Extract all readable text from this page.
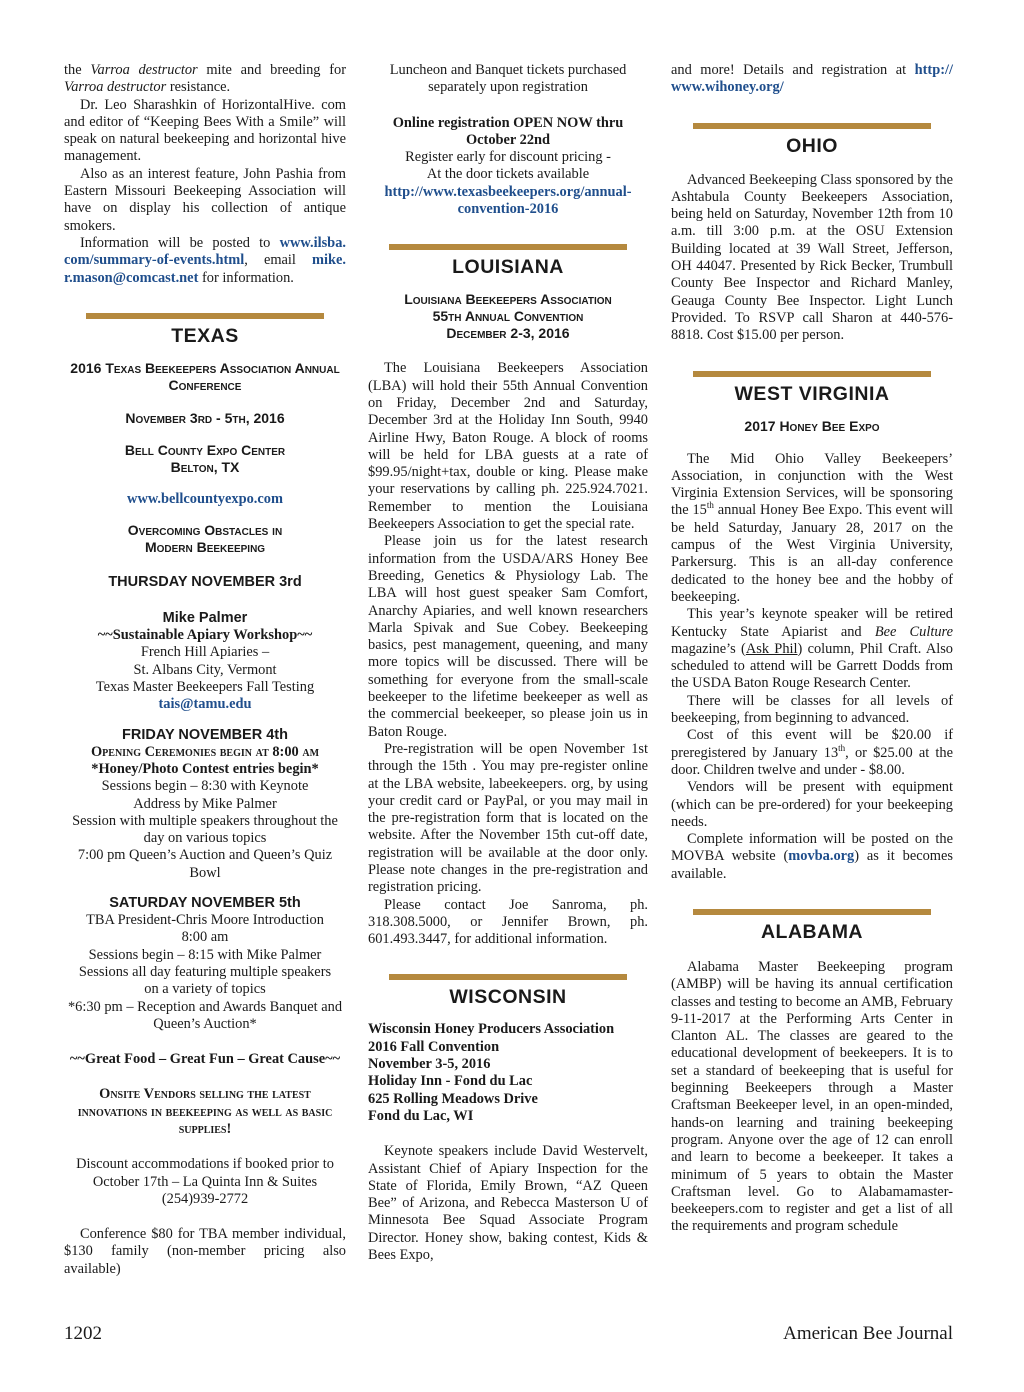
the Varroa destructor mite and breeding for Varroa destructor resistance.

Dr. Leo Sharashkin of HorizontalHive. com and editor of “Keeping Bees With a Smile” will speak on natural beekeeping and horizontal hive management.

Also as an interest feature, John Pashia from Eastern Missouri Beekeeping Association will have on display his collection of antique smokers.

Information will be posted to www.ilsba. com/summary-of-events.html, email mike. r.mason@comcast.net for information.

TEXAS
2016 Texas Beekeepers Association Annual Conference
November 3rd - 5th, 2016
Bell County Expo Center
Belton, TX

www.bellcountyexpo.com

Overcoming Obstacles in Modern Beekeeping
THURSDAY NOVEMBER 3rd
Mike Palmer

~~Sustainable Apiary Workshop~~

French Hill Apiaries –

St. Albans City, Vermont

Texas Master Beekeepers Fall Testing

tais@tamu.edu

FRIDAY NOVEMBER 4th

Opening Ceremonies begin at 8:00 am

*Honey/Photo Contest entries begin*

Sessions begin – 8:30 with Keynote

Address by Mike Palmer

Session with multiple speakers throughout the day on various topics

7:00 pm Queen’s Auction and Queen’s Quiz Bowl

SATURDAY NOVEMBER 5th

TBA President-Chris Moore Introduction

8:00 am

Sessions begin – 8:15 with Mike Palmer

Sessions all day featuring multiple speakers on a variety of topics

*6:30 pm – Reception and Awards Banquet and Queen’s Auction*

~~Great Food – Great Fun – Great Cause~~

Onsite Vendors selling the latest innovations in beekeeping as well as basic supplies!

Discount accommodations if booked prior to October 17th – La Quinta Inn & Suites (254)939-2772

Conference $80 for TBA member individual, $130 family (non-member pricing also available)

Luncheon and Banquet tickets purchased separately upon registration

Online registration OPEN NOW thru October 22nd

Register early for discount pricing -

At the door tickets available

http://www.texasbeekeepers.org/annual-convention-2016

LOUISIANA
Louisiana Beekeepers Association
55th Annual Convention
December 2-3, 2016

The Louisiana Beekeepers Association (LBA) will hold their 55th Annual Convention on Friday, December 2nd and Saturday, December 3rd at the Holiday Inn South, 9940 Airline Hwy, Baton Rouge. A block of rooms will be held for LBA guests at a rate of $99.95/night+tax, double or king. Please make your reservations by calling ph. 225.924.7021. Remember to mention the Louisiana Beekeepers Association to get the special rate.

Please join us for the latest research information from the USDA/ARS Honey Bee Breeding, Genetics & Physiology Lab. The LBA will host guest speaker Sam Comfort, Anarchy Apiaries, and well known researchers Marla Spivak and Sue Cobey. Beekeeping basics, pest management, queening, and many more topics will be discussed. There will be something for everyone from the small-scale beekeeper to the lifetime beekeeper as well as the commercial beekeeper, so please join us in Baton Rouge.

Pre-registration will be open November 1st through the 15th . You may pre-register online at the LBA website, labeekeepers. org, by using your credit card or PayPal, or you may mail in the pre-registration form that is located on the website. After the November 15th cut-off date, registration will be available at the door only. Please note changes in the pre-registration and registration pricing.

Please contact Joe Sanroma, ph. 318.308.5000, or Jennifer Brown, ph. 601.493.3447, for additional information.

WISCONSIN

Wisconsin Honey Producers Association

2016 Fall Convention

November 3-5, 2016

Holiday Inn - Fond du Lac

625 Rolling Meadows Drive

Fond du Lac, WI

Keynote speakers include David Westervelt, Assistant Chief of Apiary Inspection for the State of Florida, Emily Brown, “AZ Queen Bee” of Arizona, and Rebecca Masterson U of Minnesota Bee Squad Associate Program Director. Honey show, baking contest, Kids & Bees Expo,

and more! Details and registration at http:// www.wihoney.org/

OHIO

Advanced Beekeeping Class sponsored by the Ashtabula County Beekeepers Association, being held on Saturday, November 12th from 10 a.m. till 3:00 p.m. at the OSU Extension Building located at 39 Wall Street, Jefferson, OH 44047. Presented by Rick Becker, Trumbull County Bee Inspector and Richard Manley, Geauga County Bee Inspector. Light Lunch Provided. To RSVP call Sharon at 440-576-8818. Cost $15.00 per person.

WEST VIRGINIA
2017 Honey Bee Expo

The Mid Ohio Valley Beekeepers’ Association, in conjunction with the West Virginia Extension Services, will be sponsoring the 15th annual Honey Bee Expo. This event will be held Saturday, January 28, 2017 on the campus of the West Virginia University, Parkersurg. This is an all-day conference dedicated to the honey bee and the hobby of beekeeping.

This year’s keynote speaker will be retired Kentucky State Apiarist and Bee Culture magazine’s (Ask Phil) column, Phil Craft. Also scheduled to attend will be Garrett Dodds from the USDA Baton Rouge Research Center.

There will be classes for all levels of beekeeping, from beginning to advanced.

Cost of this event will be $20.00 if preregistered by January 13th, or $25.00 at the door. Children twelve and under - $8.00.

Vendors will be present with equipment (which can be pre-ordered) for your beekeeping needs.

Complete information will be posted on the MOVBA website (movba.org) as it becomes available.

ALABAMA

Alabama Master Beekeeping program (AMBP) will be having its annual certification classes and testing to become an AMB, February 9-11-2017 at the Performing Arts Center in Clanton AL. The classes are geared to the educational development of beekeepers. It is to set a standard of beekeeping that is useful for beginning Beekeepers through a Master Craftsman Beekeeper level, in an open-minded, hands-on learning and training beekeeping program. Anyone over the age of 12 can enroll and learn to become a beekeeper. It takes a minimum of 5 years to obtain the Master Craftsman level. Go to Alabamamaster-beekeepers.com to register and get a list of all the requirements and program schedule

1202	American Bee Journal
